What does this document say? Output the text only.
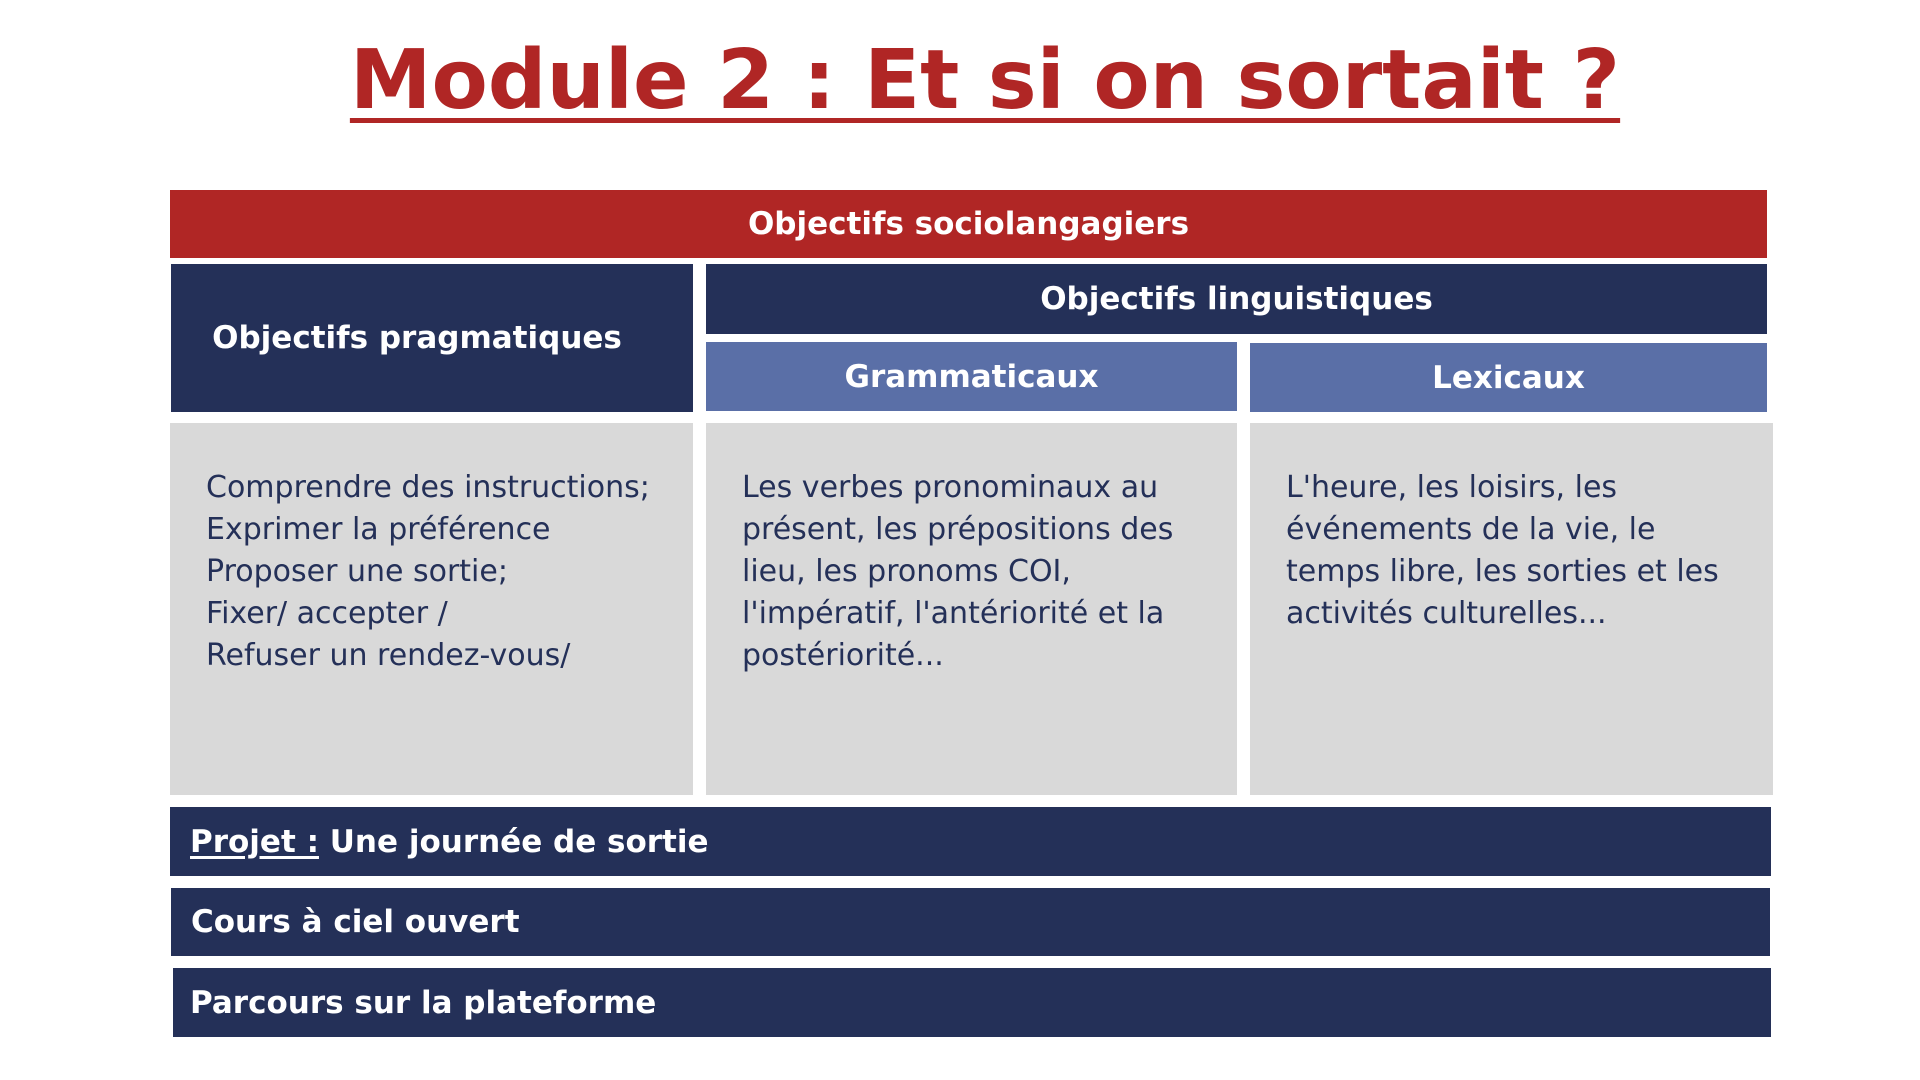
Module 2 : Et si on sortait ?
Objectifs sociolangagiers
Objectifs pragmatiques
Objectifs linguistiques
Grammaticaux	Lexicaux
Comprendre des instructions;
Exprimer la préférence
Proposer une sortie;
Fixer/ accepter /
Refuser un rendez-vous/
Les verbes pronominaux au
présent, les prépositions des
lieu, les pronoms COI,
l'impératif, l'antériorité et la
postériorité...
L'heure, les loisirs, les
événements de la vie, le
temps libre, les sorties et les
activités culturelles...
Projet : Une journée de sortie
Cours à ciel ouvert
Parcours sur la plateforme
